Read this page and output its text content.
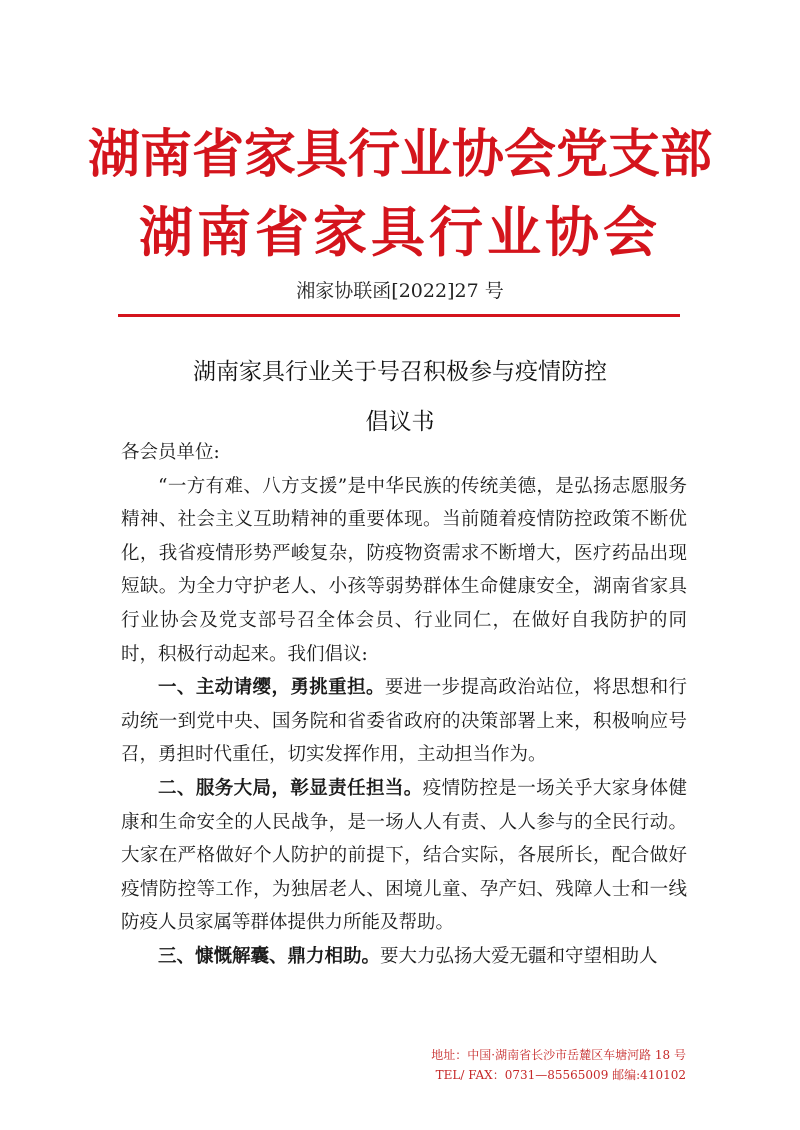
湖南省家具行业协会党支部
湖南省家具行业协会
湘家协联函[2022]27 号
湖南家具行业关于号召积极参与疫情防控
倡议书

各会员单位:

“一方有难、八方支援”是中华民族的传统美德，是弘扬志愿服务精神、社会主义互助精神的重要体现。当前随着疫情防控政策不断优化，我省疫情形势严峻复杂，防疫物资需求不断增大，医疗药品出现短缺。为全力守护老人、小孩等弱势群体生命健康安全，湖南省家具行业协会及党支部号召全体会员、行业同仁，在做好自我防护的同时，积极行动起来。我们倡议:

一、主动请缨，勇挑重担。要进一步提高政治站位，将思想和行动统一到党中央、国务院和省委省政府的决策部署上来，积极响应号召，勇担时代重任，切实发挥作用，主动担当作为。

二、服务大局，彰显责任担当。疫情防控是一场关乎大家身体健康和生命安全的人民战争，是一场人人有责、人人参与的全民行动。大家在严格做好个人防护的前提下，结合实际，各展所长，配合做好疫情防控等工作，为独居老人、困境儿童、孕产妇、残障人士和一线防疫人员家属等群体提供力所能及帮助。

三、慷慨解囊、鼎力相助。要大力弘扬大爱无疆和守望相助人

地址：中国·湖南省长沙市岳麓区车塘河路 18 号
TEL/ FAX：0731—85565009 邮编:410102
